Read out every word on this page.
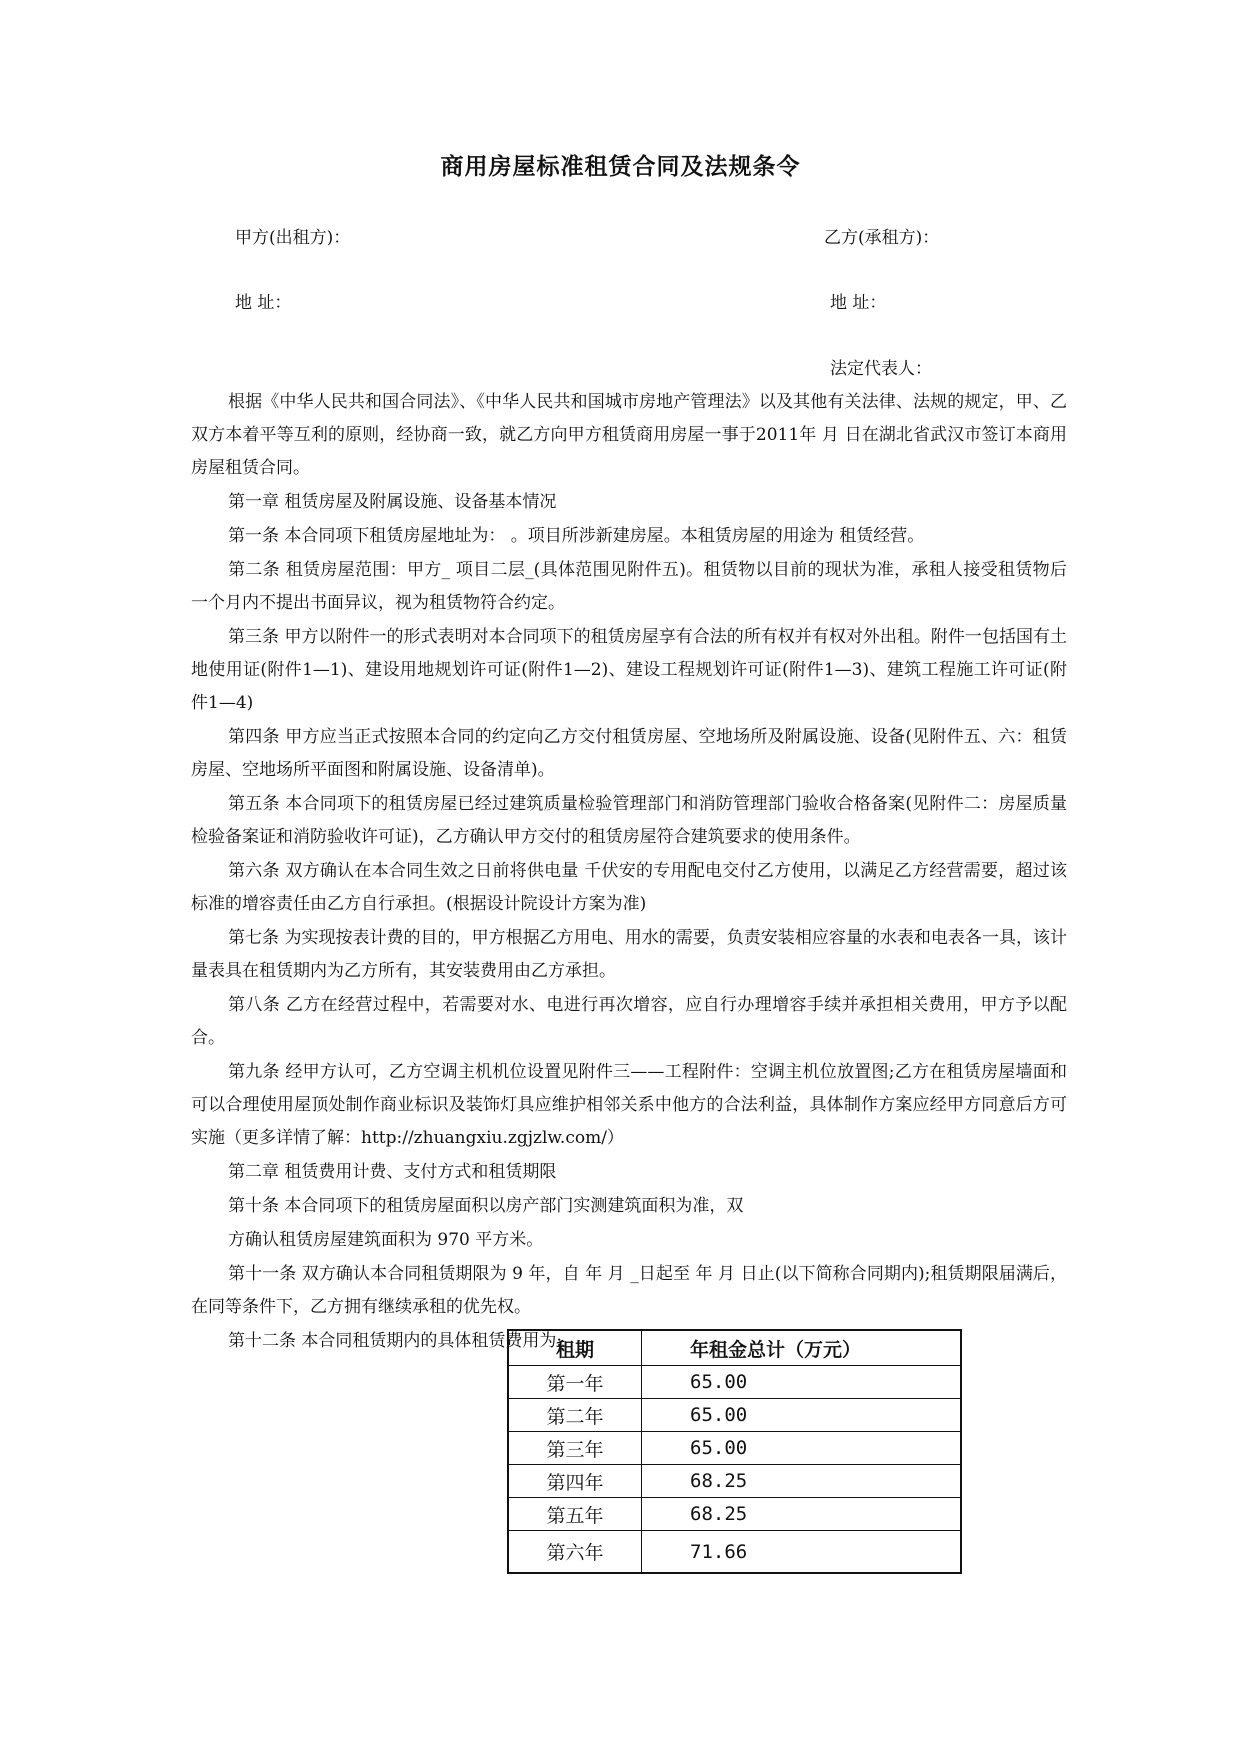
商用房屋标准租赁合同及法规条令
甲方(出租方)：	乙方(承租方)：
地 址：	地 址：
法定代表人：

根据《中华人民共和国合同法》、《中华人民共和国城市房地产管理法》以及其他有关法律、法规的规定，甲、乙双方本着平等互利的原则，经协商一致，就乙方向甲方租赁商用房屋一事于2011年 月 日在湖北省武汉市签订本商用房屋租赁合同。

第一章 租赁房屋及附属设施、设备基本情况

第一条 本合同项下租赁房屋地址为： 。项目所涉新建房屋。本租赁房屋的用途为 租赁经营。

第二条 租赁房屋范围：甲方_ 项目二层_(具体范围见附件五)。租赁物以目前的现状为准，承租人接受租赁物后一个月内不提出书面异议，视为租赁物符合约定。

第三条 甲方以附件一的形式表明对本合同项下的租赁房屋享有合法的所有权并有权对外出租。附件一包括国有土地使用证(附件1—1)、建设用地规划许可证(附件1—2)、建设工程规划许可证(附件1—3)、建筑工程施工许可证(附件1—4)

第四条 甲方应当正式按照本合同的约定向乙方交付租赁房屋、空地场所及附属设施、设备(见附件五、六：租赁房屋、空地场所平面图和附属设施、设备清单)。

第五条 本合同项下的租赁房屋已经过建筑质量检验管理部门和消防管理部门验收合格备案(见附件二：房屋质量检验备案证和消防验收许可证)，乙方确认甲方交付的租赁房屋符合建筑要求的使用条件。

第六条 双方确认在本合同生效之日前将供电量 千伏安的专用配电交付乙方使用，以满足乙方经营需要，超过该标准的增容责任由乙方自行承担。(根据设计院设计方案为准)

第七条 为实现按表计费的目的，甲方根据乙方用电、用水的需要，负责安装相应容量的水表和电表各一具，该计量表具在租赁期内为乙方所有，其安装费用由乙方承担。

第八条 乙方在经营过程中，若需要对水、电进行再次增容，应自行办理增容手续并承担相关费用，甲方予以配合。

第九条 经甲方认可，乙方空调主机机位设置见附件三——工程附件：空调主机位放置图;乙方在租赁房屋墙面和可以合理使用屋顶处制作商业标识及装饰灯具应维护相邻关系中他方的合法利益，具体制作方案应经甲方同意后方可实施（更多详情了解：http://zhuangxiu.zgjzlw.com/）

第二章 租赁费用计费、支付方式和租赁期限

第十条 本合同项下的租赁房屋面积以房产部门实测建筑面积为准，双

方确认租赁房屋建筑面积为 970 平方米。

第十一条 双方确认本合同租赁期限为 9 年，自 年 月 _日起至 年 月 日止(以下简称合同期内);租赁期限届满后，在同等条件下，乙方拥有继续承租的优先权。

第十二条 本合同租赁期内的具体租赁费用为:

租期	年租金总计（万元）
第一年	65.00
第二年	65.00
第三年	65.00
第四年	68.25
第五年	68.25
第六年	71.66
